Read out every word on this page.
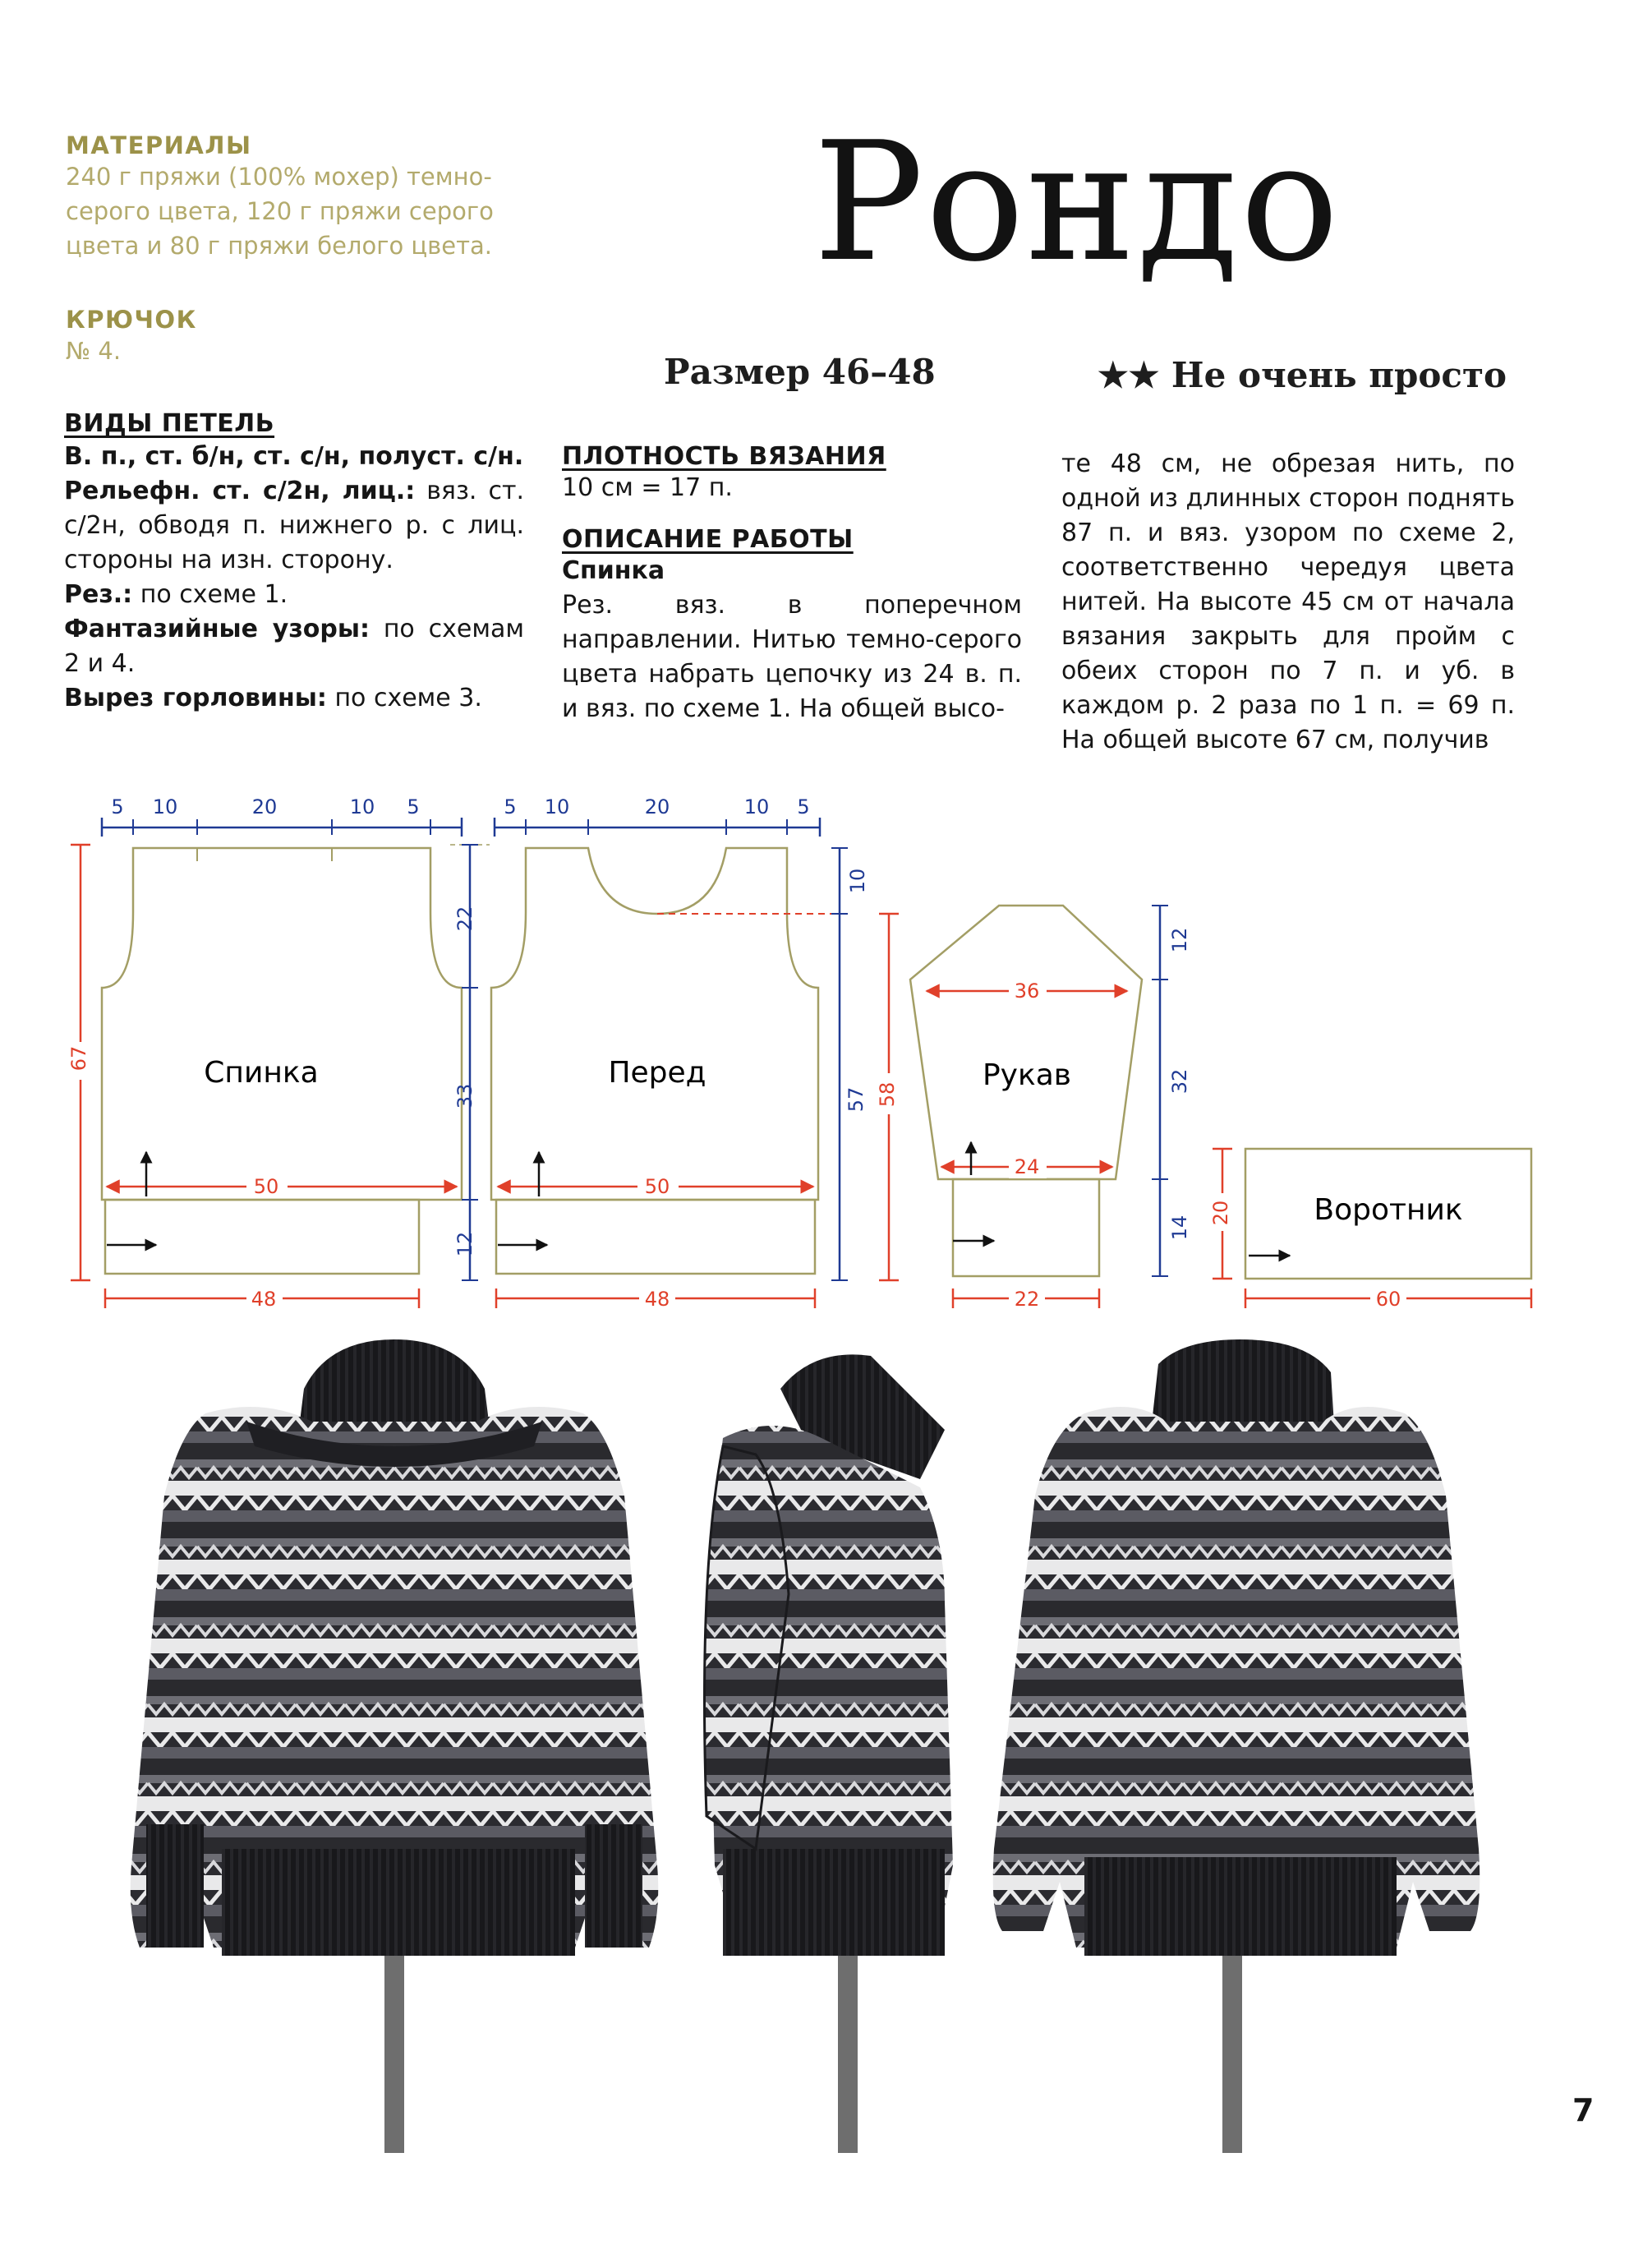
МАТЕРИАЛЫ
240 г пряжи (100% мохер) темно-серого цвета, 120 г пряжи серого цвета и 80 г пряжи белого цвета.
КРЮЧОК
№ 4.
Рондо
Размер 46–48	★★ Не очень просто
ВИДЫ ПЕТЕЛЬ

В. п., ст. б/н, ст. с/н, полуст. с/н.

Рельефн. ст. с/2н, лиц.: вяз. ст. с/2н, обводя п. нижнего р. с лиц. стороны на изн. сторону.

Рез.: по схеме 1.

Фантазийные узоры: по схемам 2 и 4.

Вырез горловины: по схеме 3.

ПЛОТНОСТЬ ВЯЗАНИЯ
10 см = 17 п.
ОПИСАНИЕ РАБОТЫ
Спинка
Рез. вяз. в поперечном направлении. Нитью темно-серого цвета набрать цепочку из 24 в. п. и вяз. по схеме 1. На общей высо-
те 48 см, не обрезая нить, по одной из длинных сторон поднять 87 п. и вяз. узором по схеме 2, соответственно чередуя цвета нитей. На высоте 45 см от начала вязания закрыть для пройм с обеих сторон по 7 п. и уб. в каждом р. 2 раза по 1 п. = 69 п. На общей высоте 67 см, получив
Спинка
5 10	20	10 5
67
22
33
12
50
48
Перед
5 10	20	10 5
10
57 58
50
48
Рукав
36
24
22
12
32
14
Воротник
20
60
7
